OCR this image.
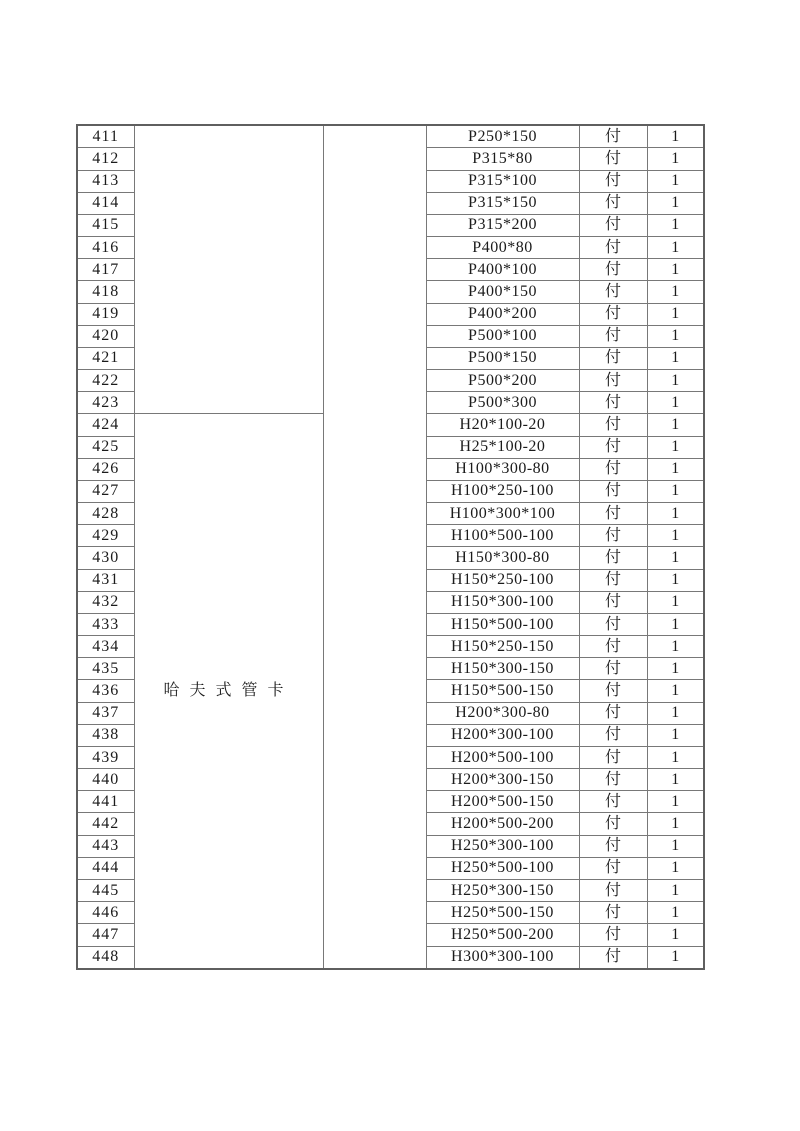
411			P250*150	付	1
412			P315*80	付	1
413			P315*100	付	1
414			P315*150	付	1
415			P315*200	付	1
416			P400*80	付	1
417			P400*100	付	1
418			P400*150	付	1
419			P400*200	付	1
420			P500*100	付	1
421			P500*150	付	1
422			P500*200	付	1
423			P500*300	付	1
424	哈夫式管卡		H20*100-20	付	1
425			H25*100-20	付	1
426			H100*300-80	付	1
427			H100*250-100	付	1
428			H100*300*100	付	1
429			H100*500-100	付	1
430			H150*300-80	付	1
431			H150*250-100	付	1
432			H150*300-100	付	1
433			H150*500-100	付	1
434			H150*250-150	付	1
435			H150*300-150	付	1
436			H150*500-150	付	1
437			H200*300-80	付	1
438			H200*300-100	付	1
439			H200*500-100	付	1
440			H200*300-150	付	1
441			H200*500-150	付	1
442			H200*500-200	付	1
443			H250*300-100	付	1
444			H250*500-100	付	1
445			H250*300-150	付	1
446			H250*500-150	付	1
447			H250*500-200	付	1
448			H300*300-100	付	1
